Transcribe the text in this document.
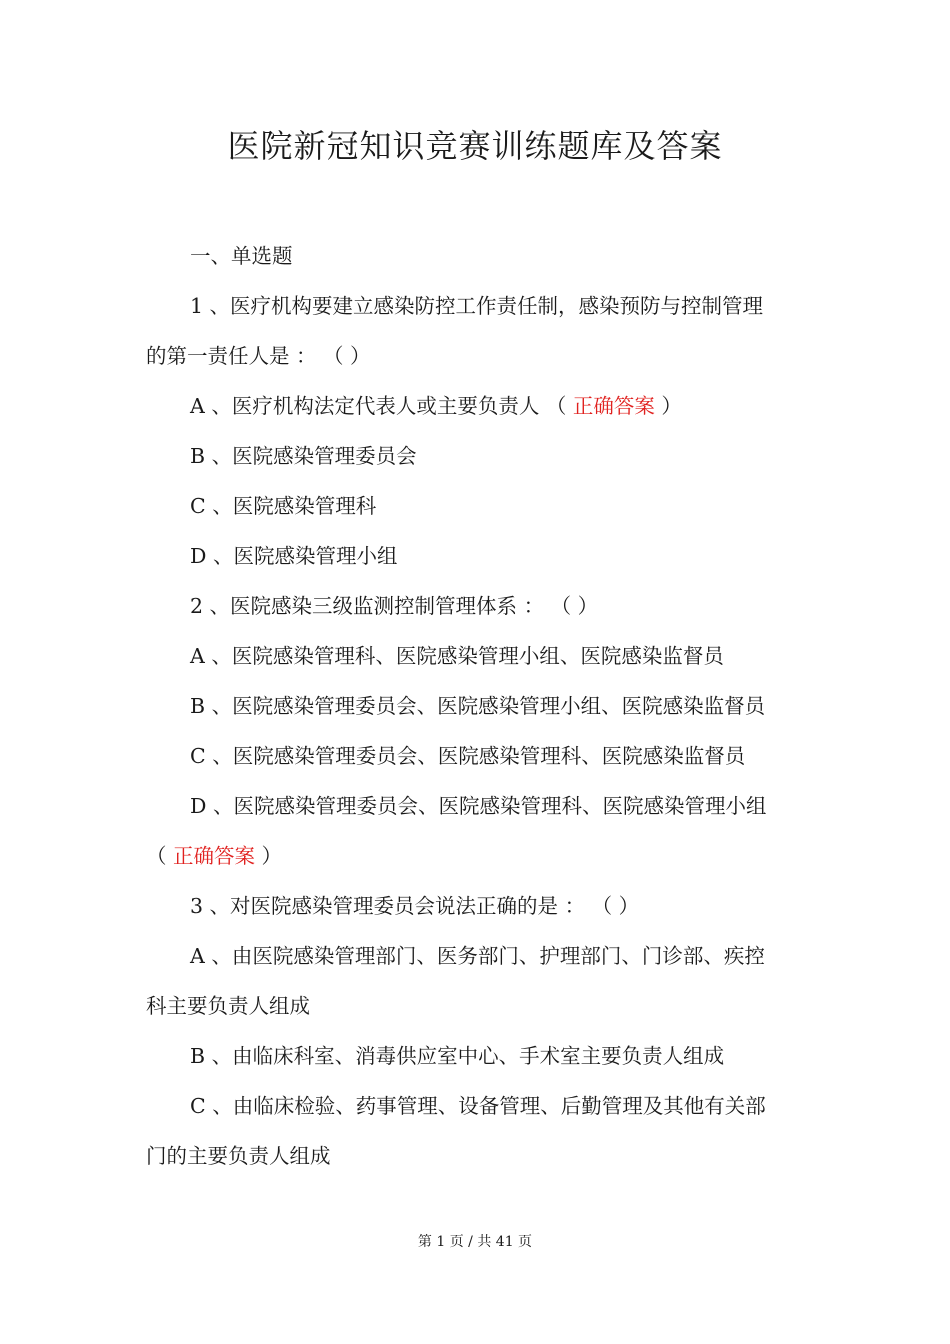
医院新冠知识竞赛训练题库及答案
一、单选题
1 、医疗机构要建立感染防控工作责任制，感染预防与控制管理
的第一责任人是 ： （ ）
A 、医疗机构法定代表人或主要负责人 （ 正确答案 ）
B 、医院感染管理委员会
C 、医院感染管理科
D 、医院感染管理小组
2 、医院感染三级监测控制管理体系 ： （ ）
A 、医院感染管理科、医院感染管理小组、医院感染监督员
B 、医院感染管理委员会、医院感染管理小组、医院感染监督员
C 、医院感染管理委员会、医院感染管理科、医院感染监督员
D 、医院感染管理委员会、医院感染管理科、医院感染管理小组
（ 正确答案 ）
3 、对医院感染管理委员会说法正确的是 ： （ ）
A 、由医院感染管理部门、医务部门、护理部门、门诊部、疾控
科主要负责人组成
B 、由临床科室、消毒供应室中心、手术室主要负责人组成
C 、由临床检验、药事管理、设备管理、后勤管理及其他有关部
门的主要负责人组成
第 1 页 / 共 41 页
